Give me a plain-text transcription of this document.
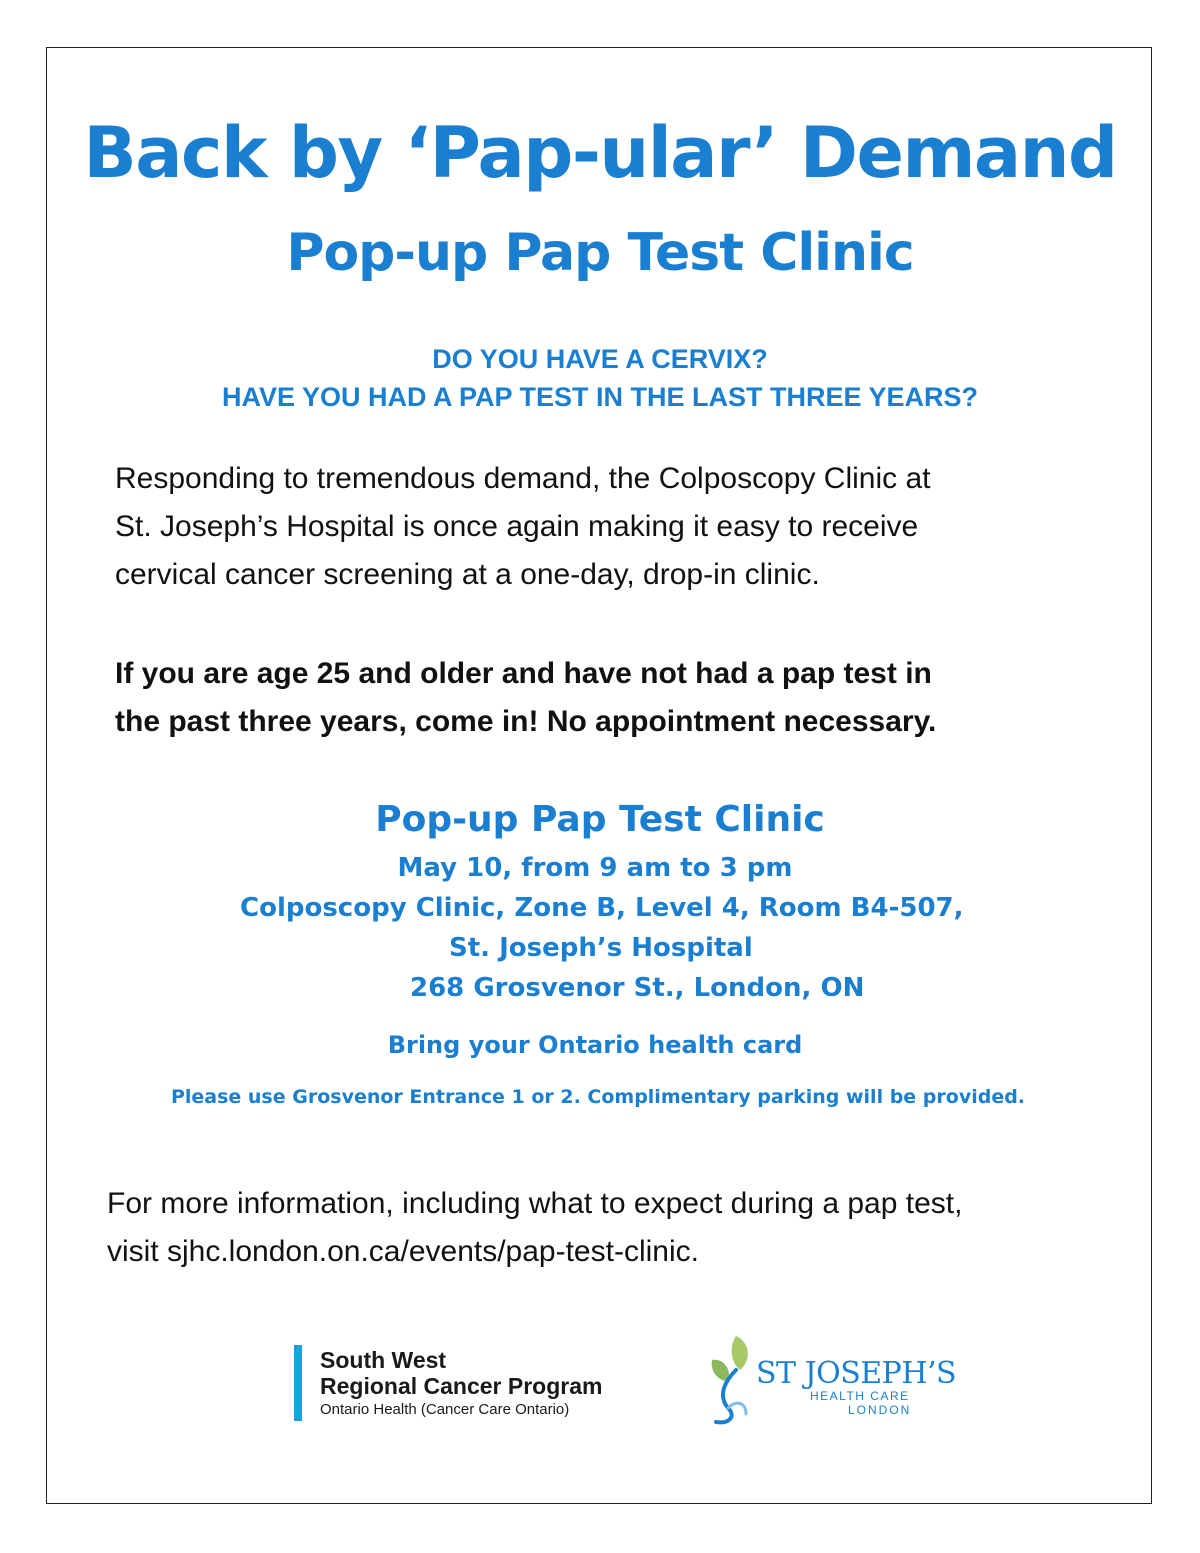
Back by ‘Pap-ular’ Demand
Pop-up Pap Test Clinic
DO YOU HAVE A CERVIX?
HAVE YOU HAD A PAP TEST IN THE LAST THREE YEARS?
Responding to tremendous demand, the Colposcopy Clinic at
St. Joseph’s Hospital is once again making it easy to receive
cervical cancer screening at a one-day, drop-in clinic.
If you are age 25 and older and have not had a pap test in
the past three years, come in! No appointment necessary.
Pop-up Pap Test Clinic
May 10, from 9 am to 3 pm
Colposcopy Clinic, Zone B, Level 4, Room B4-507,
St. Joseph’s Hospital
268 Grosvenor St., London, ON
Bring your Ontario health card
Please use Grosvenor Entrance 1 or 2. Complimentary parking will be provided.
For more information, including what to expect during a pap test,
visit sjhc.london.on.ca/events/pap-test-clinic.
South West
Regional Cancer Program
Ontario Health (Cancer Care Ontario)
ST JOSEPH’S
HEALTH CARE
LONDON
